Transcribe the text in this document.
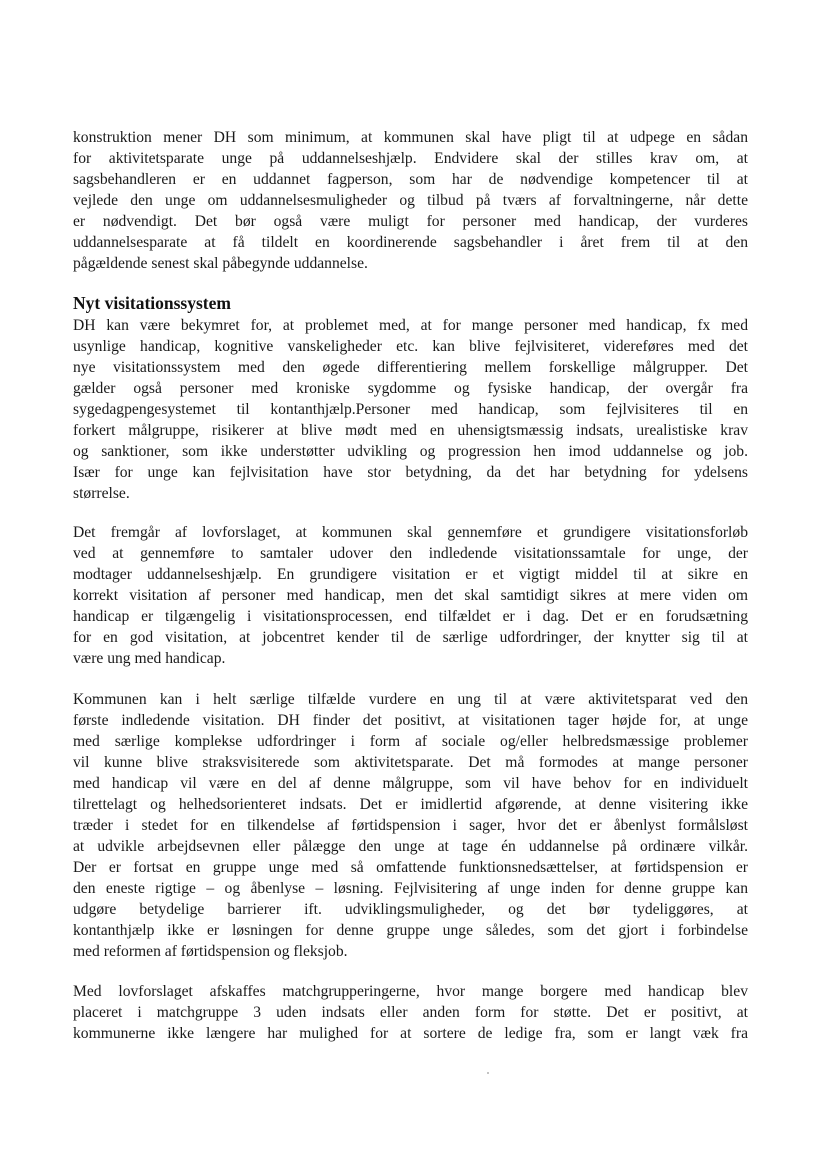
konstruktion mener DH som minimum, at kommunen skal have pligt til at udpege en sådan
for aktivitetsparate unge på uddannelseshjælp. Endvidere skal der stilles krav om, at
sagsbehandleren er en uddannet fagperson, som har de nødvendige kompetencer til at
vejlede den unge om uddannelsesmuligheder og tilbud på tværs af forvaltningerne, når dette
er nødvendigt. Det bør også være muligt for personer med handicap, der vurderes
uddannelsesparate at få tildelt en koordinerende sagsbehandler i året frem til at den
pågældende senest skal påbegynde uddannelse.
Nyt visitationssystem
DH kan være bekymret for, at problemet med, at for mange personer med handicap, fx med
usynlige handicap, kognitive vanskeligheder etc. kan blive fejlvisiteret, videreføres med det
nye visitationssystem med den øgede differentiering mellem forskellige målgrupper. Det
gælder også personer med kroniske sygdomme og fysiske handicap, der overgår fra
sygedagpengesystemet til kontanthjælp.Personer med handicap, som fejlvisiteres til en
forkert målgruppe, risikerer at blive mødt med en uhensigtsmæssig indsats, urealistiske krav
og sanktioner, som ikke understøtter udvikling og progression hen imod uddannelse og job.
Især for unge kan fejlvisitation have stor betydning, da det har betydning for ydelsens
størrelse.
Det fremgår af lovforslaget, at kommunen skal gennemføre et grundigere visitationsforløb
ved at gennemføre to samtaler udover den indledende visitationssamtale for unge, der
modtager uddannelseshjælp. En grundigere visitation er et vigtigt middel til at sikre en
korrekt visitation af personer med handicap, men det skal samtidigt sikres at mere viden om
handicap er tilgængelig i visitationsprocessen, end tilfældet er i dag. Det er en forudsætning
for en god visitation, at jobcentret kender til de særlige udfordringer, der knytter sig til at
være ung med handicap.
Kommunen kan i helt særlige tilfælde vurdere en ung til at være aktivitetsparat ved den
første indledende visitation. DH finder det positivt, at visitationen tager højde for, at unge
med særlige komplekse udfordringer i form af sociale og/eller helbredsmæssige problemer
vil kunne blive straksvisiterede som aktivitetsparate. Det må formodes at mange personer
med handicap vil være en del af denne målgruppe, som vil have behov for en individuelt
tilrettelagt og helhedsorienteret indsats. Det er imidlertid afgørende, at denne visitering ikke
træder i stedet for en tilkendelse af førtidspension i sager, hvor det er åbenlyst formålsløst
at udvikle arbejdsevnen eller pålægge den unge at tage én uddannelse på ordinære vilkår.
Der er fortsat en gruppe unge med så omfattende funktionsnedsættelser, at førtidspension er
den eneste rigtige – og åbenlyse – løsning. Fejlvisitering af unge inden for denne gruppe kan
udgøre betydelige barrierer ift. udviklingsmuligheder, og det bør tydeliggøres, at
kontanthjælp ikke er løsningen for denne gruppe unge således, som det gjort i forbindelse
med reformen af førtidspension og fleksjob.
Med lovforslaget afskaffes matchgrupperingerne, hvor mange borgere med handicap blev
placeret i matchgruppe 3 uden indsats eller anden form for støtte. Det er positivt, at
kommunerne ikke længere har mulighed for at sortere de ledige fra, som er langt væk fra
